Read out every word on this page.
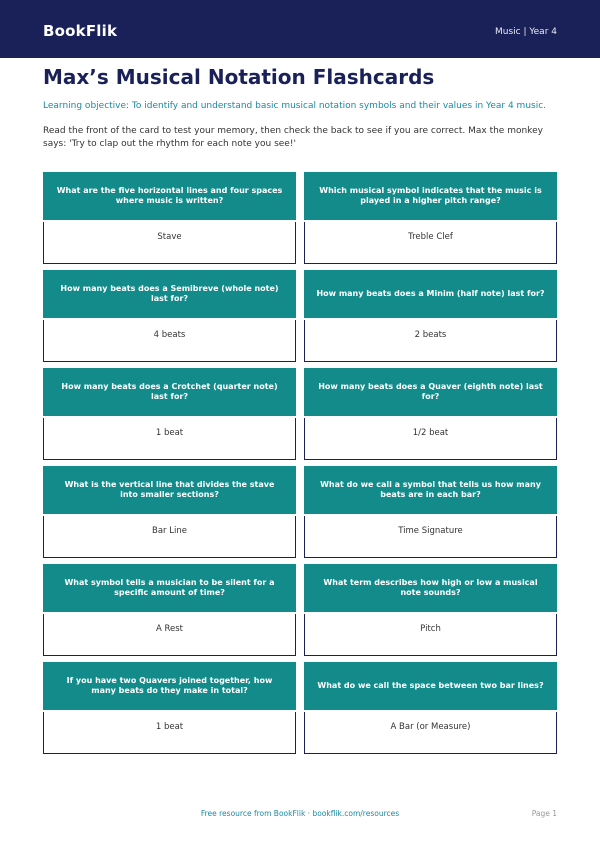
BookFlik	Music | Year 4
Max’s Musical Notation Flashcards
Learning objective: To identify and understand basic musical notation symbols and their values in Year 4 music.
Read the front of the card to test your memory, then check the back to see if you are correct. Max the monkey says: 'Try to clap out the rhythm for each note you see!'
What are the five horizontal lines and four spaces where music is written?
Stave
Which musical symbol indicates that the music is played in a higher pitch range?
Treble Clef
How many beats does a Semibreve (whole note) last for?
4 beats
How many beats does a Minim (half note) last for?
2 beats
How many beats does a Crotchet (quarter note) last for?
1 beat
How many beats does a Quaver (eighth note) last for?
1/2 beat
What is the vertical line that divides the stave into smaller sections?
Bar Line
What do we call a symbol that tells us how many beats are in each bar?
Time Signature
What symbol tells a musician to be silent for a specific amount of time?
A Rest
What term describes how high or low a musical note sounds?
Pitch
If you have two Quavers joined together, how many beats do they make in total?
1 beat
What do we call the space between two bar lines?
A Bar (or Measure)
Free resource from BookFlik · bookflik.com/resources	Page 1
